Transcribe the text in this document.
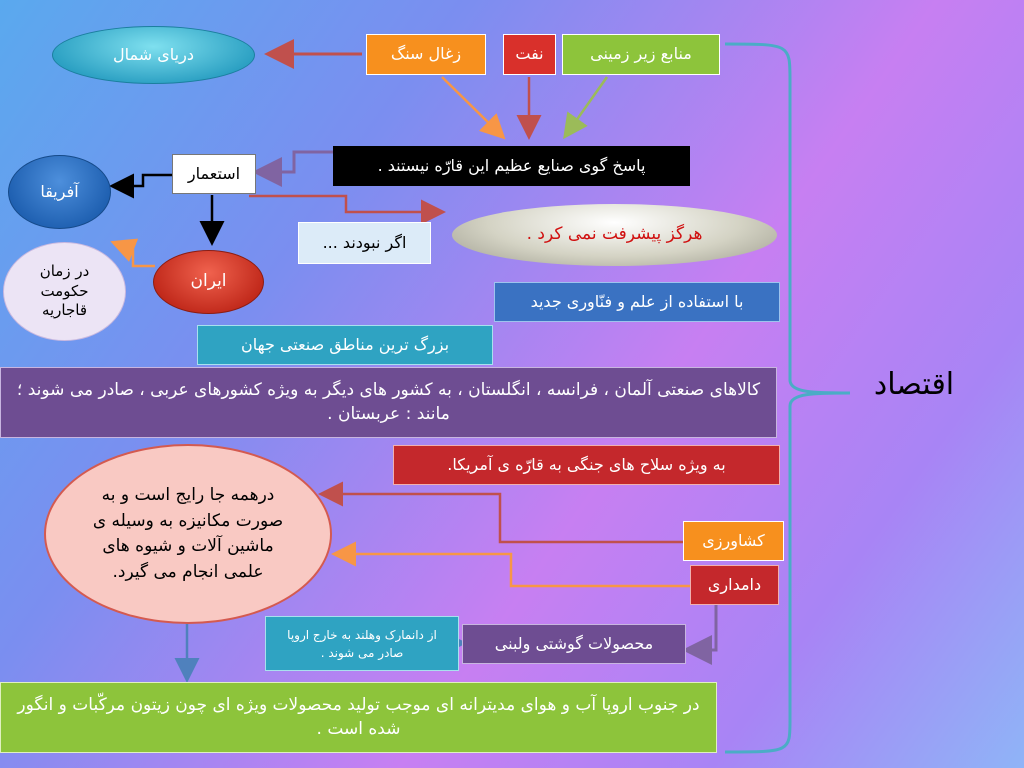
دریای شمال	زغال سنگ	نفت	منابع زیر زمینی
پاسخ گوی صنایع عظیم این قارّه نیستند .
استعمار
آفریقا
اگر نبودند ...	هرگز پیشرفت نمی کرد .
در زمان حکومت قاجاریه
ایران
با استفاده از علم و فنّاوری جدید
بزرگ ترین مناطق صنعتی جهان
کالاهای صنعتی آلمان ، فرانسه ، انگلستان ، به کشور های دیگر به ویژه کشورهای عربی ، صادر می شوند ؛ مانند : عربستان .
به ویژه سلاح های جنگی به قارّه ی آمریکا.
درهمه جا رایج است و به صورت مکانیزه به وسیله ی ماشین آلات و شیوه های علمی انجام می گیرد.
کشاورزی
دامداری
از دانمارک وهلند به خارج اروپا صادر می شوند .	محصولات گوشتی ولبنی
در جنوب اروپا آب و هوای مدیترانه ای موجب تولید محصولات ویژه ای چون زیتون مرکّبات و انگور شده است .
اقتصاد
